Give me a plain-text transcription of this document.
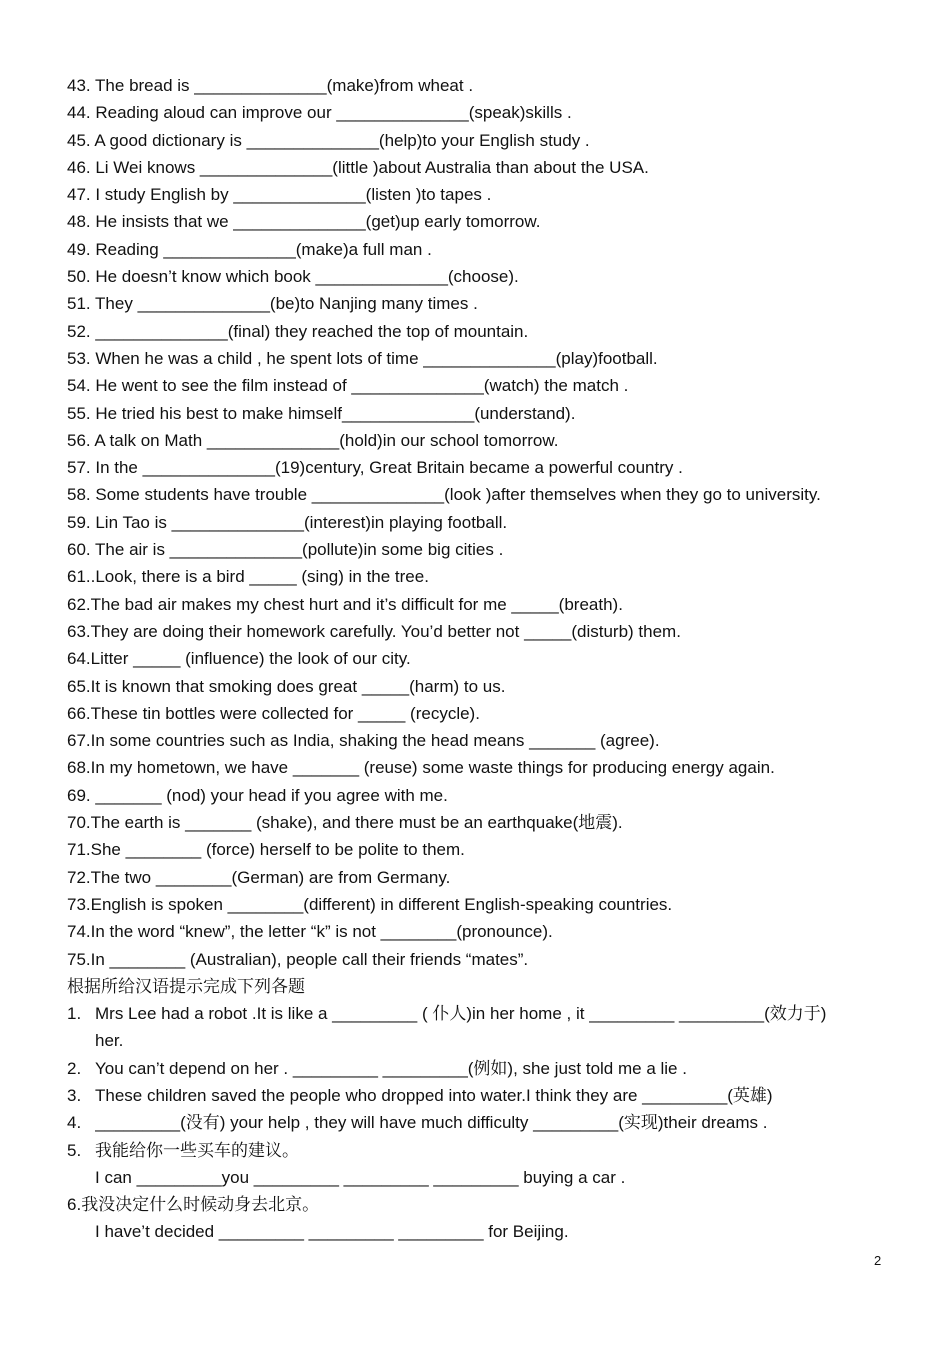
43. The bread is ______________(make)from wheat .
44. Reading aloud can improve our ______________(speak)skills .
45. A good dictionary is ______________(help)to your English study .
46. Li Wei knows ______________(little )about Australia than about the USA.
47. I study English by ______________(listen )to tapes .
48. He insists that we ______________(get)up early tomorrow.
49. Reading ______________(make)a full man .
50. He doesn’t know which book ______________(choose).
51. They ______________(be)to Nanjing many times .
52. ______________(final) they reached the top of mountain.
53. When he was a child , he spent lots of time ______________(play)football.
54. He went to see the film instead of ______________(watch) the match .
55. He tried his best to make himself______________(understand).
56. A talk on Math ______________(hold)in our school tomorrow.
57. In the ______________(19)century, Great Britain became a powerful country .
58. Some students have trouble ______________(look )after themselves when they go to university.
59. Lin Tao is ______________(interest)in playing football.
60. The air is ______________(pollute)in some big cities .
61..Look, there is a bird _____ (sing) in the tree.
62.The bad air makes my chest hurt and it’s difficult for me _____(breath).
63.They are doing their homework carefully. You’d better not _____(disturb) them.
64.Litter _____ (influence) the look of our city.
65.It is known that smoking does great _____(harm) to us.
66.These tin bottles were collected for _____ (recycle).
67.In some countries such as India, shaking the head means _______ (agree).
68.In my hometown, we have _______ (reuse) some waste things for producing energy again.
69. _______ (nod) your head if you agree with me.
70.The earth is _______ (shake), and there must be an earthquake(地震).
71.She ________ (force) herself to be polite to them.
72.The two ________(German) are from Germany.
73.English is spoken ________(different) in different English-speaking countries.
74.In the word “knew”, the letter “k” is not ________(pronounce).
75.In ________ (Australian), people call their friends “mates”.
根据所给汉语提示完成下列各题
1. Mrs Lee had a robot .It is like a _________ ( 仆人)in her home , it _________ _________(效力于)
her.
2. You can’t depend on her . _________ _________(例如), she just told me a lie .
3. These children saved the people who dropped into water.I think they are _________(英雄)
4. _________(没有) your help , they will have much difficulty _________(实现)their dreams .
5. 我能给你一些买车的建议。
I can _________you _________ _________ _________ buying a car .
6.我没决定什么时候动身去北京。
I have’t decided _________ _________ _________ for Beijing.
2
